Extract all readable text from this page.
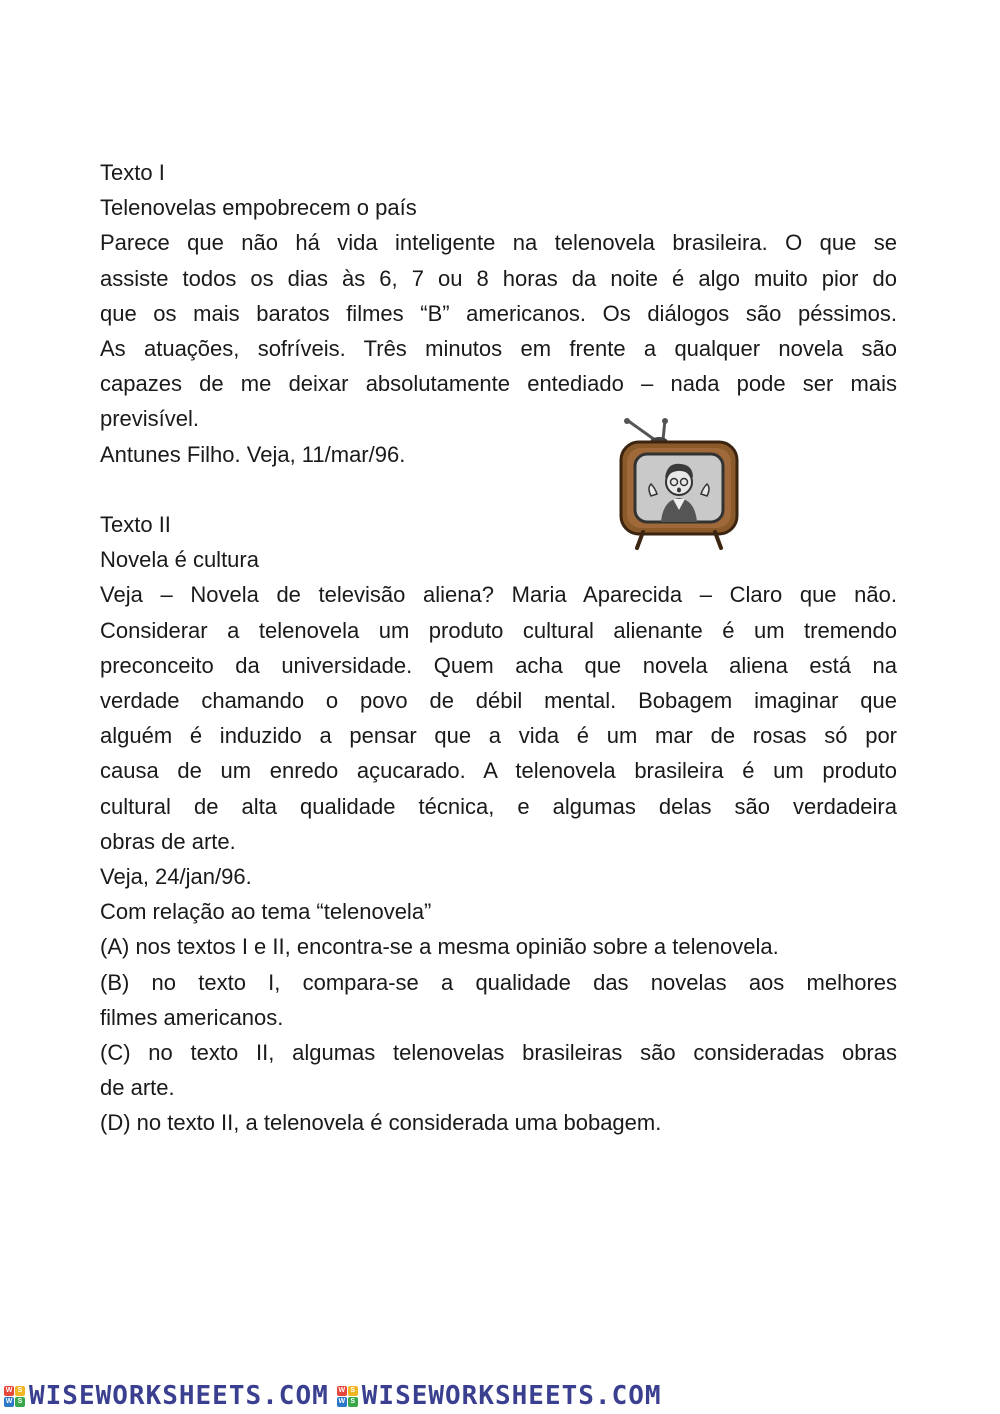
Texto I

Telenovelas empobrecem o país

Parece que não há vida inteligente na telenovela brasileira. O que se

assiste todos os dias às 6, 7 ou 8 horas da noite é algo muito pior do

que os mais baratos filmes “B” americanos. Os diálogos são péssimos.

As atuações, sofríveis. Três minutos em frente a qualquer novela são

capazes de me deixar absolutamente entediado – nada pode ser mais

previsível.

Antunes Filho. Veja, 11/mar/96.

Texto II

Novela é cultura

Veja – Novela de televisão aliena? Maria Aparecida – Claro que não.

Considerar a telenovela um produto cultural alienante é um tremendo

preconceito da universidade. Quem acha que novela aliena está na

verdade chamando o povo de débil mental. Bobagem imaginar que

alguém é induzido a pensar que a vida é um mar de rosas só por

causa de um enredo açucarado. A telenovela brasileira é um produto

cultural de alta qualidade técnica, e algumas delas são verdadeira

obras de arte.

Veja, 24/jan/96.

Com relação ao tema “telenovela”

(A) nos textos I e II, encontra-se a mesma opinião sobre a telenovela.

(B) no texto I, compara-se a qualidade das novelas aos melhores

filmes americanos.

(C) no texto II, algumas telenovelas brasileiras são consideradas obras

de arte.

(D) no texto II, a telenovela é considerada uma bobagem.

W S
W S WISEWORKSHEETS.COM W S
W S WISEWORKSHEETS.COM
